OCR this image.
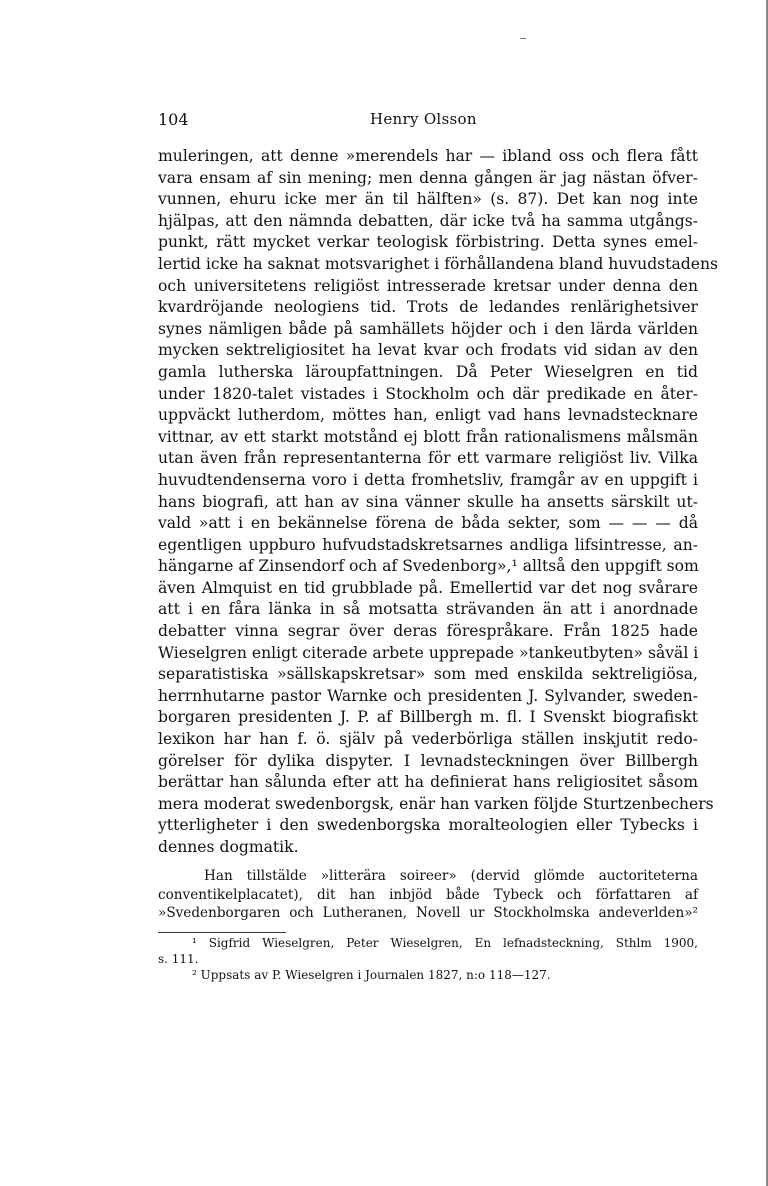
104	Henry Olsson
muleringen, att denne »merendels har — ibland oss och flera fått
vara ensam af sin mening; men denna gången är jag nästan öfver-
vunnen, ehuru icke mer än til hälften» (s. 87). Det kan nog inte
hjälpas, att den nämnda debatten, där icke två ha samma utgångs-
punkt, rätt mycket verkar teologisk förbistring. Detta synes emel-
lertid icke ha saknat motsvarighet i förhållandena bland huvudstadens
och universitetens religiöst intresserade kretsar under denna den
kvardröjande neologiens tid. Trots de ledandes renlärighetsiver
synes nämligen både på samhällets höjder och i den lärda världen
mycken sektreligiositet ha levat kvar och frodats vid sidan av den
gamla lutherska läroupfattningen. Då Peter Wieselgren en tid
under 1820-talet vistades i Stockholm och där predikade en åter-
uppväckt lutherdom, möttes han, enligt vad hans levnadstecknare
vittnar, av ett starkt motstånd ej blott från rationalismens målsmän
utan även från representanterna för ett varmare religiöst liv. Vilka
huvudtendenserna voro i detta fromhetsliv, framgår av en uppgift i
hans biografi, att han av sina vänner skulle ha ansetts särskilt ut-
vald »att i en bekännelse förena de båda sekter, som — — — då
egentligen uppburo hufvudstadskretsarnes andliga lifsintresse, an-
hängarne af Zinsendorf och af Svedenborg»,¹ alltså den uppgift som
även Almquist en tid grubblade på. Emellertid var det nog svårare
att i en fåra länka in så motsatta strävanden än att i anordnade
debatter vinna segrar över deras förespråkare. Från 1825 hade
Wieselgren enligt citerade arbete upprepade »tankeutbyten» såväl i
separatistiska »sällskapskretsar» som med enskilda sektreligiösa,
herrnhutarne pastor Warnke och presidenten J. Sylvander, sweden-
borgaren presidenten J. P. af Billbergh m. fl. I Svenskt biografiskt
lexikon har han f. ö. själv på vederbörliga ställen inskjutit redo-
görelser för dylika dispyter. I levnadsteckningen över Billbergh
berättar han sålunda efter att ha definierat hans religiositet såsom
mera moderat swedenborgsk, enär han varken följde Sturtzenbechers
ytterligheter i den swedenborgska moralteologien eller Tybecks i
dennes dogmatik.
Han tillstälde »litterära soireer» (dervid glömde auctoriteterna
conventikelplacatet), dit han inbjöd både Tybeck och författaren af
»Svedenborgaren och Lutheranen, Novell ur Stockholmska andeverlden»²
¹ Sigfrid Wieselgren, Peter Wieselgren, En lefnadsteckning, Sthlm 1900,
s. 111.
² Uppsats av P. Wieselgren i Journalen 1827, n:o 118—127.
